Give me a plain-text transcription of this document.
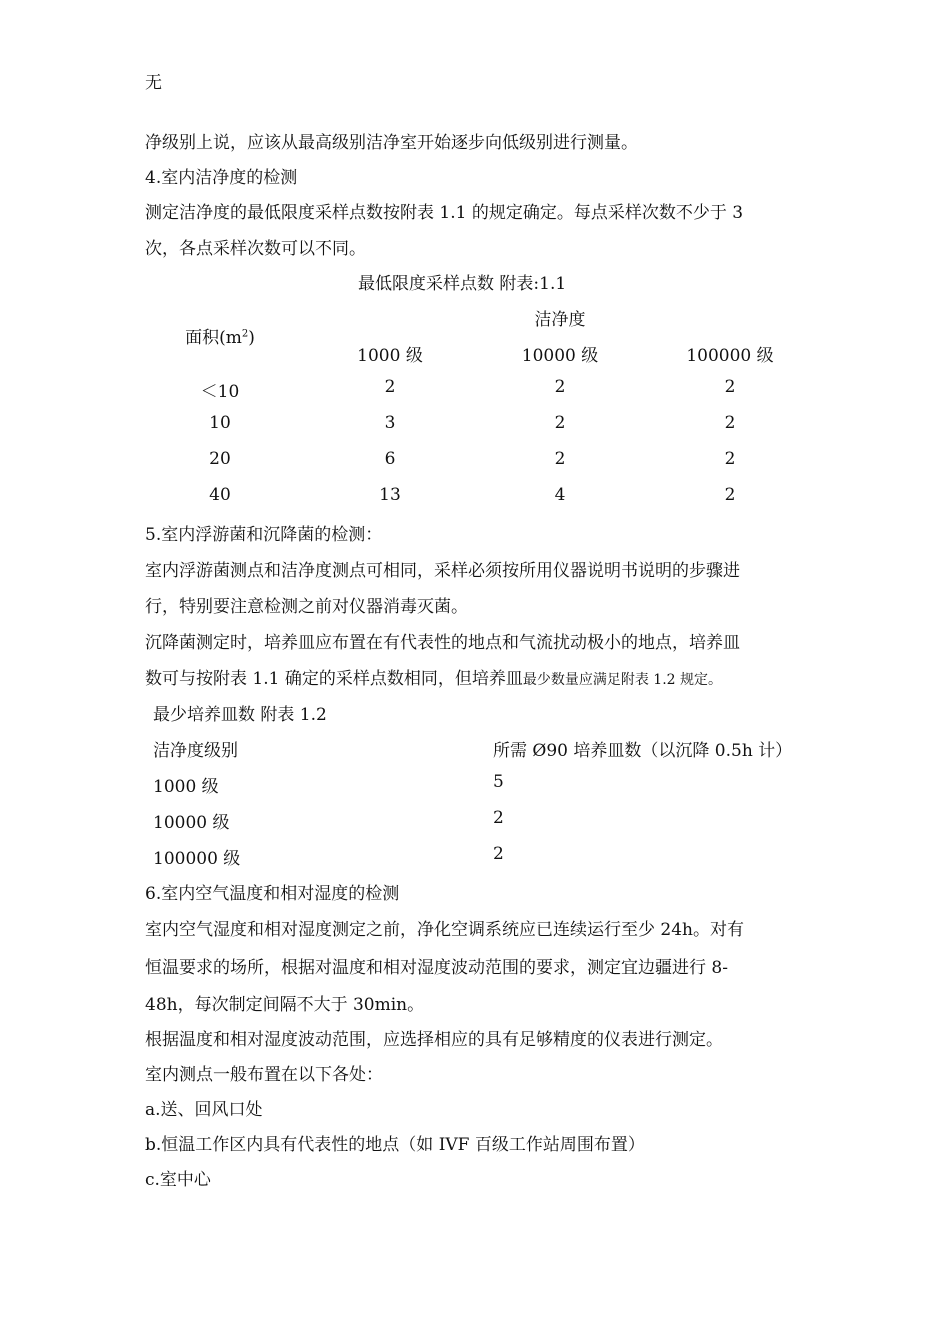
无
净级别上说，应该从最高级别洁净室开始逐步向低级别进行测量。
4.室内洁净度的检测
测定洁净度的最低限度采样点数按附表 1.1 的规定确定。每点采样次数不少于 3
次，各点采样次数可以不同。
最低限度采样点数 附表:1.1
面积$(m^2)$
洁净度
1000 级	10000 级	100000 级
＜10	2	2	2
10	3	2	2
20	6	2	2
40	13	4	2
5.室内浮游菌和沉降菌的检测：
室内浮游菌测点和洁净度测点可相同，采样必须按所用仪器说明书说明的步骤进
行，特别要注意检测之前对仪器消毒灭菌。
沉降菌测定时，培养皿应布置在有代表性的地点和气流扰动极小的地点，培养皿
数可与按附表 1.1 确定的采样点数相同，但培养皿最少数量应满足附表 1.2 规定。
最少培养皿数 附表 1.2
洁净度级别	所需 Ø90 培养皿数（以沉降 0.5h 计）
1000 级	5
10000 级	2
100000 级	2
6.室内空气温度和相对湿度的检测
室内空气湿度和相对湿度测定之前，净化空调系统应已连续运行至少 24h。对有
恒温要求的场所，根据对温度和相对湿度波动范围的要求，测定宜边疆进行 8-
48h，每次制定间隔不大于 30min。
根据温度和相对湿度波动范围，应选择相应的具有足够精度的仪表进行测定。
室内测点一般布置在以下各处：
a.送、回风口处
b.恒温工作区内具有代表性的地点（如 IVF 百级工作站周围布置）
c.室中心
